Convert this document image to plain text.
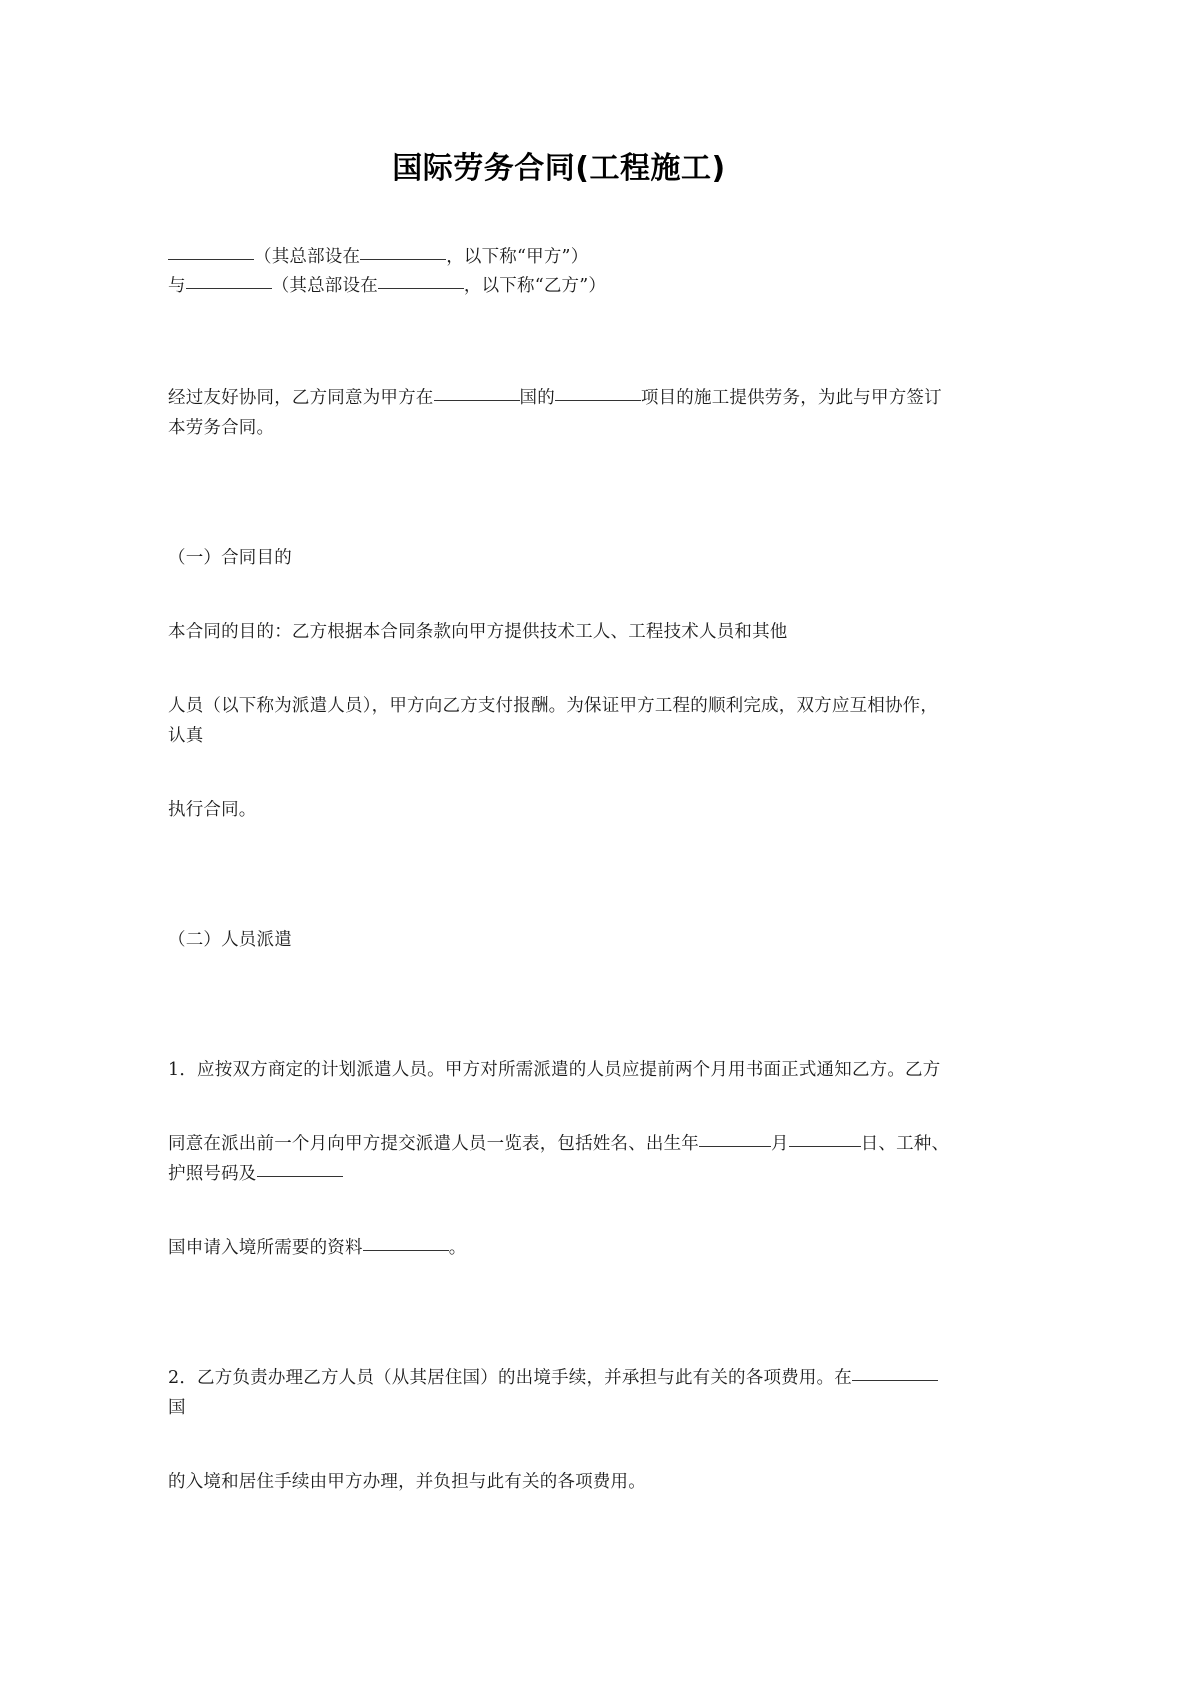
国际劳务合同(工程施工)

（其总部设在	，以下称“甲方”）

与	（其总部设在	，以下称“乙方”）

经过友好协同，乙方同意为甲方在	国的	项目的施工提供劳务，为此与甲方签订本劳务合同。

（一）合同目的

本合同的目的：乙方根据本合同条款向甲方提供技术工人、工程技术人员和其他

人员（以下称为派遣人员），甲方向乙方支付报酬。为保证甲方工程的顺利完成，双方应互相协作，认真

执行合同。

（二）人员派遣

1．应按双方商定的计划派遣人员。甲方对所需派遣的人员应提前两个月用书面正式通知乙方。乙方

同意在派出前一个月向甲方提交派遣人员一览表，包括姓名、出生年	月	日、工种、护照号码及

国申请入境所需要的资料	。

2．乙方负责办理乙方人员（从其居住国）的出境手续，并承担与此有关的各项费用。在国

的入境和居住手续由甲方办理，并负担与此有关的各项费用。
